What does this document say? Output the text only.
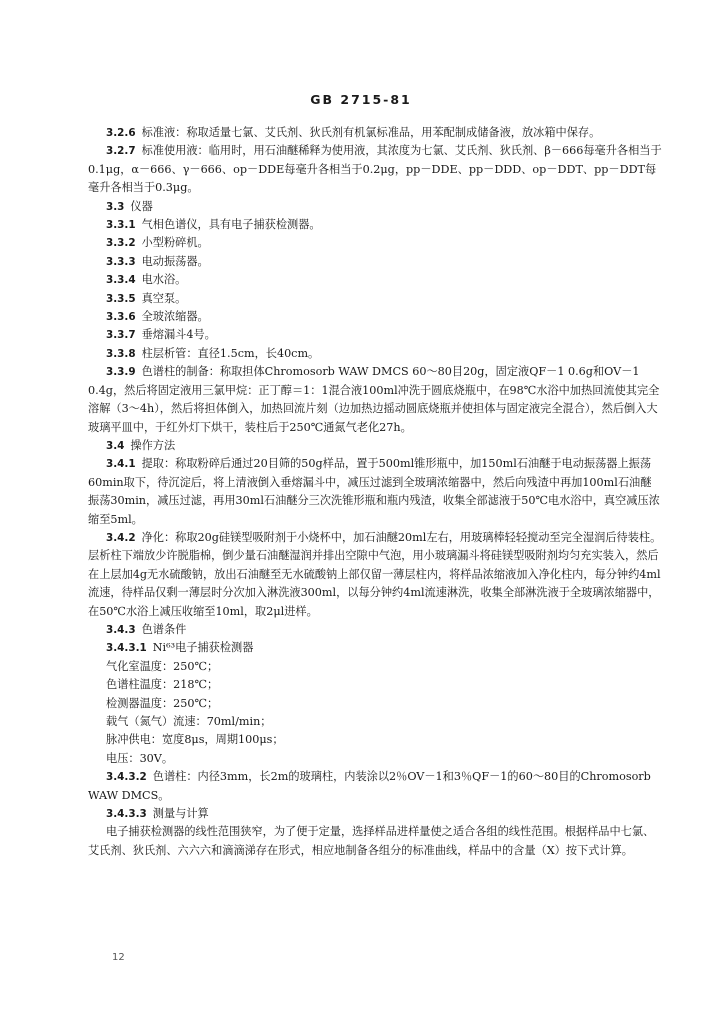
GB 2715-81

3.2.6 标准液：称取适量七氯、艾氏剂、狄氏剂有机氯标准品，用苯配制成储备液，放冰箱中保存。

3.2.7 标准使用液：临用时，用石油醚稀释为使用液，其浓度为七氯、艾氏剂、狄氏剂、β－666每毫升各相当于0.1μg，α－666、γ－666、op－DDE每毫升各相当于0.2μg，pp－DDE、pp－DDD、op－DDT、pp－DDT每毫升各相当于0.3μg。

3.3 仪器

3.3.1 气相色谱仪，具有电子捕获检测器。

3.3.2 小型粉碎机。

3.3.3 电动振荡器。

3.3.4 电水浴。

3.3.5 真空泵。

3.3.6 全玻浓缩器。

3.3.7 垂熔漏斗4号。

3.3.8 柱层析管：直径1.5cm，长40cm。

3.3.9 色谱柱的制备：称取担体Chromosorb WAW DMCS 60～80目20g，固定液QF－1 0.6g和OV－1 0.4g，然后将固定液用三氯甲烷：正丁醇＝1：1混合液100ml冲洗于圆底烧瓶中，在98℃水浴中加热回流使其完全溶解（3～4h），然后将担体倒入，加热回流片刻（边加热边摇动圆底烧瓶并使担体与固定液完全混合），然后倒入大玻璃平皿中，于红外灯下烘干，装柱后于250℃通氮气老化27h。

3.4 操作方法

3.4.1 提取：称取粉碎后通过20目筛的50g样品，置于500ml锥形瓶中，加150ml石油醚于电动振荡器上振荡60min取下，待沉淀后，将上清液倒入垂熔漏斗中，减压过滤到全玻璃浓缩器中，然后向残渣中再加100ml石油醚振荡30min，减压过滤，再用30ml石油醚分三次洗锥形瓶和瓶内残渣，收集全部滤液于50℃电水浴中，真空减压浓缩至5ml。

3.4.2 净化：称取20g硅镁型吸附剂于小烧杯中，加石油醚20ml左右，用玻璃棒轻轻搅动至完全湿润后待装柱。层析柱下端放少许脱脂棉，倒少量石油醚湿润并排出空隙中气泡，用小玻璃漏斗将硅镁型吸附剂均匀充实装入，然后在上层加4g无水硫酸钠，放出石油醚至无水硫酸钠上部仅留一薄层柱内，将样品浓缩液加入净化柱内，每分钟约4ml流速，待样品仅剩一薄层时分次加入淋洗液300ml，以每分钟约4ml流速淋洗，收集全部淋洗液于全玻璃浓缩器中，在50℃水浴上减压收缩至10ml，取2μl进样。

3.4.3 色谱条件

3.4.3.1 Ni⁶³电子捕获检测器

气化室温度：250℃；

色谱柱温度：218℃；

检测器温度：250℃；

载气（氮气）流速：70ml/min；

脉冲供电：宽度8μs，周期100μs；

电压：30V。

3.4.3.2 色谱柱：内径3mm，长2m的玻璃柱，内装涂以2％OV－1和3％QF－1的60～80目的Chromosorb WAW DMCS。

3.4.3.3 测量与计算

电子捕获检测器的线性范围狭窄，为了便于定量，选择样品进样量使之适合各组的线性范围。根据样品中七氯、艾氏剂、狄氏剂、六六六和滴滴涕存在形式，相应地制备各组分的标准曲线，样品中的含量（X）按下式计算。

12
